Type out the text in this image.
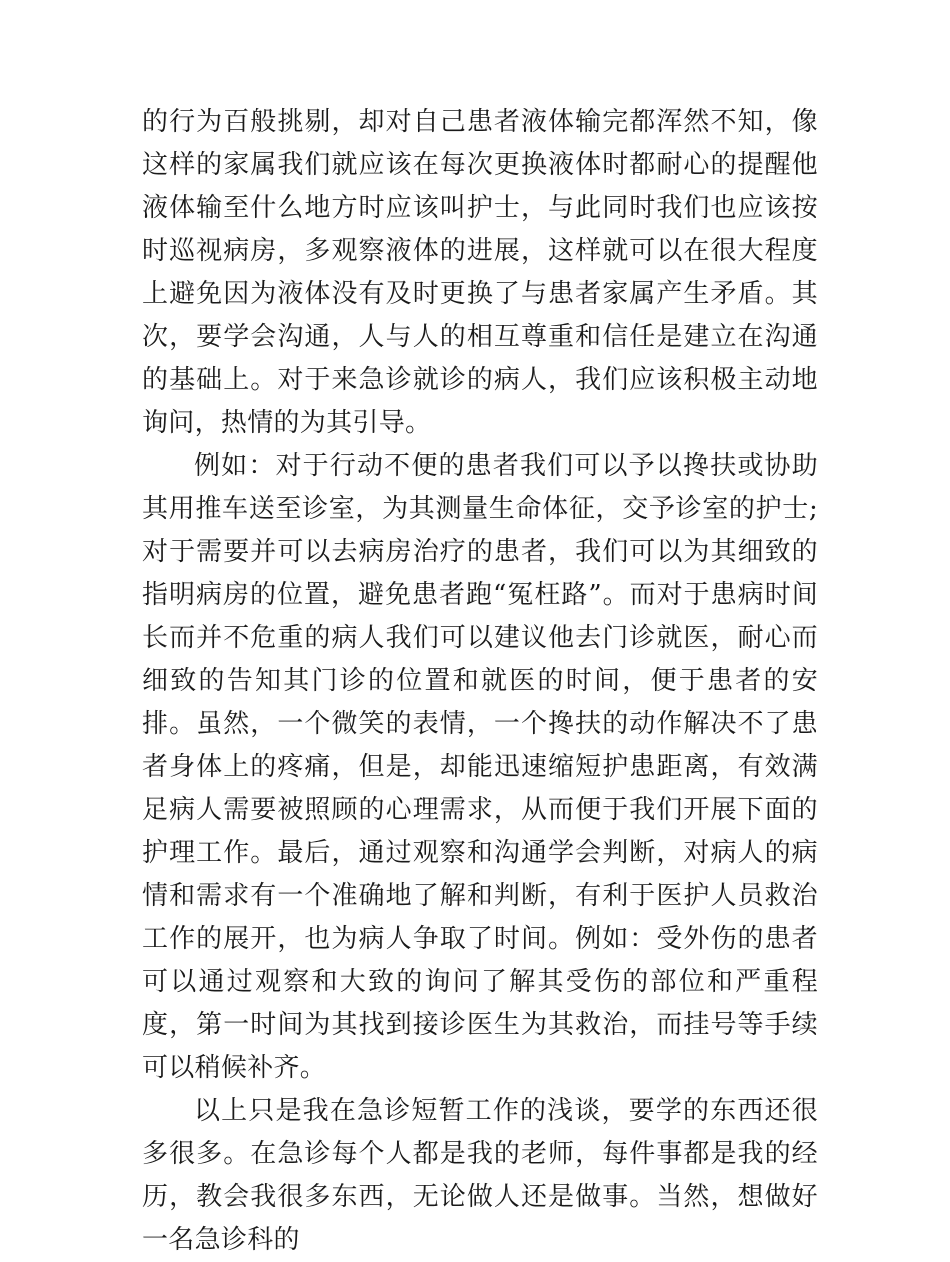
的行为百般挑剔，却对自己患者液体输完都浑然不知，像这样的家属我们就应该在每次更换液体时都耐心的提醒他液体输至什么地方时应该叫护士，与此同时我们也应该按时巡视病房，多观察液体的进展，这样就可以在很大程度上避免因为液体没有及时更换了与患者家属产生矛盾。其次，要学会沟通，人与人的相互尊重和信任是建立在沟通的基础上。对于来急诊就诊的病人，我们应该积极主动地询问，热情的为其引导。

例如：对于行动不便的患者我们可以予以搀扶或协助其用推车送至诊室，为其测量生命体征，交予诊室的护士;对于需要并可以去病房治疗的患者，我们可以为其细致的指明病房的位置，避免患者跑“冤枉路”。而对于患病时间长而并不危重的病人我们可以建议他去门诊就医，耐心而细致的告知其门诊的位置和就医的时间，便于患者的安排。虽然，一个微笑的表情，一个搀扶的动作解决不了患者身体上的疼痛，但是，却能迅速缩短护患距离，有效满足病人需要被照顾的心理需求，从而便于我们开展下面的护理工作。最后，通过观察和沟通学会判断，对病人的病情和需求有一个准确地了解和判断，有利于医护人员救治工作的展开，也为病人争取了时间。例如：受外伤的患者可以通过观察和大致的询问了解其受伤的部位和严重程度，第一时间为其找到接诊医生为其救治，而挂号等手续可以稍候补齐。

以上只是我在急诊短暂工作的浅谈，要学的东西还很多很多。在急诊每个人都是我的老师，每件事都是我的经历，教会我很多东西，无论做人还是做事。当然，想做好一名急诊科的
